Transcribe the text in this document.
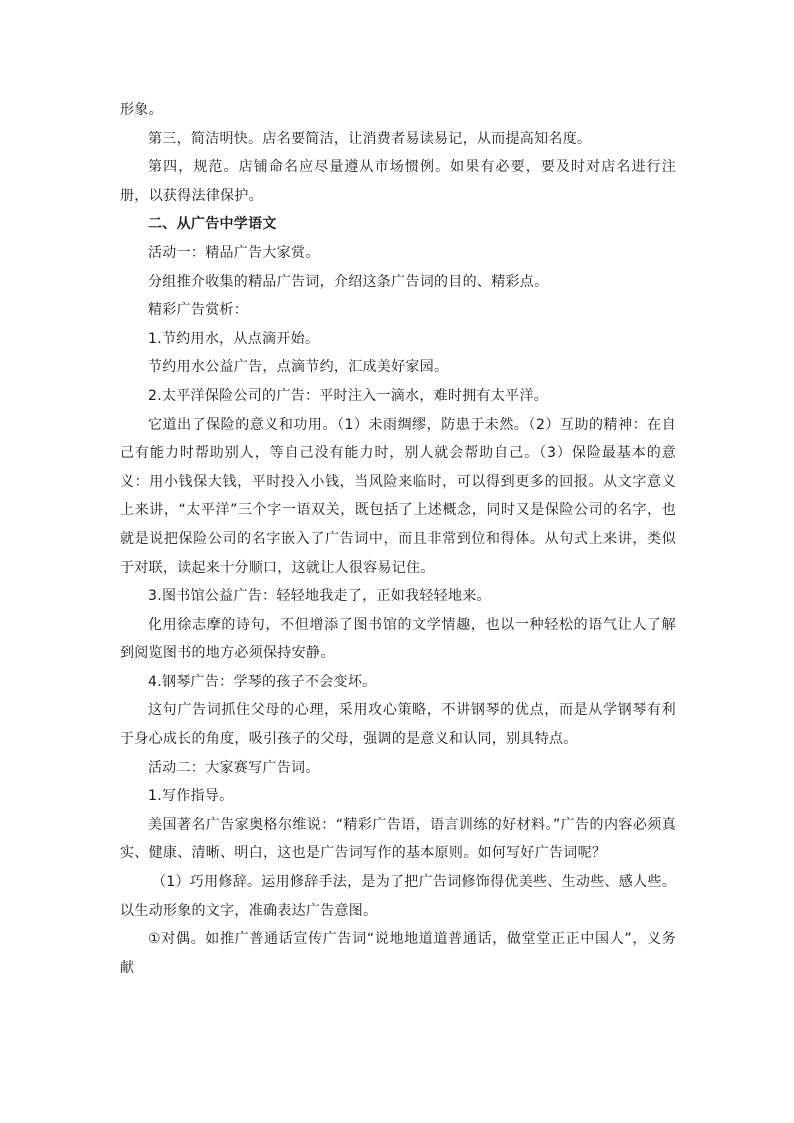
形象。

第三，简洁明快。店名要简洁，让消费者易读易记，从而提高知名度。

第四，规范。店铺命名应尽量遵从市场惯例。如果有必要，要及时对店名进行注册，以获得法律保护。

二、从广告中学语文

活动一：精品广告大家赏。

分组推介收集的精品广告词，介绍这条广告词的目的、精彩点。

精彩广告赏析：

1.节约用水，从点滴开始。

节约用水公益广告，点滴节约，汇成美好家园。

2.太平洋保险公司的广告：平时注入一滴水，难时拥有太平洋。

它道出了保险的意义和功用。（1）未雨绸缪，防患于未然。（2）互助的精神：在自己有能力时帮助别人，等自己没有能力时，别人就会帮助自己。（3）保险最基本的意义：用小钱保大钱，平时投入小钱，当风险来临时，可以得到更多的回报。从文字意义上来讲，“太平洋”三个字一语双关，既包括了上述概念，同时又是保险公司的名字，也就是说把保险公司的名字嵌入了广告词中，而且非常到位和得体。从句式上来讲，类似于对联，读起来十分顺口，这就让人很容易记住。

3.图书馆公益广告：轻轻地我走了，正如我轻轻地来。

化用徐志摩的诗句，不但增添了图书馆的文学情趣，也以一种轻松的语气让人了解到阅览图书的地方必须保持安静。

4.钢琴广告：学琴的孩子不会变坏。

这句广告词抓住父母的心理，采用攻心策略，不讲钢琴的优点，而是从学钢琴有利于身心成长的角度，吸引孩子的父母，强调的是意义和认同，别具特点。

活动二：大家赛写广告词。

1.写作指导。

美国著名广告家奥格尔维说：“精彩广告语，语言训练的好材料。”广告的内容必须真实、健康、清晰、明白，这也是广告词写作的基本原则。如何写好广告词呢？

（1）巧用修辞。运用修辞手法，是为了把广告词修饰得优美些、生动些、感人些。以生动形象的文字，准确表达广告意图。

①对偶。如推广普通话宣传广告词“说地地道道普通话，做堂堂正正中国人”，义务献
